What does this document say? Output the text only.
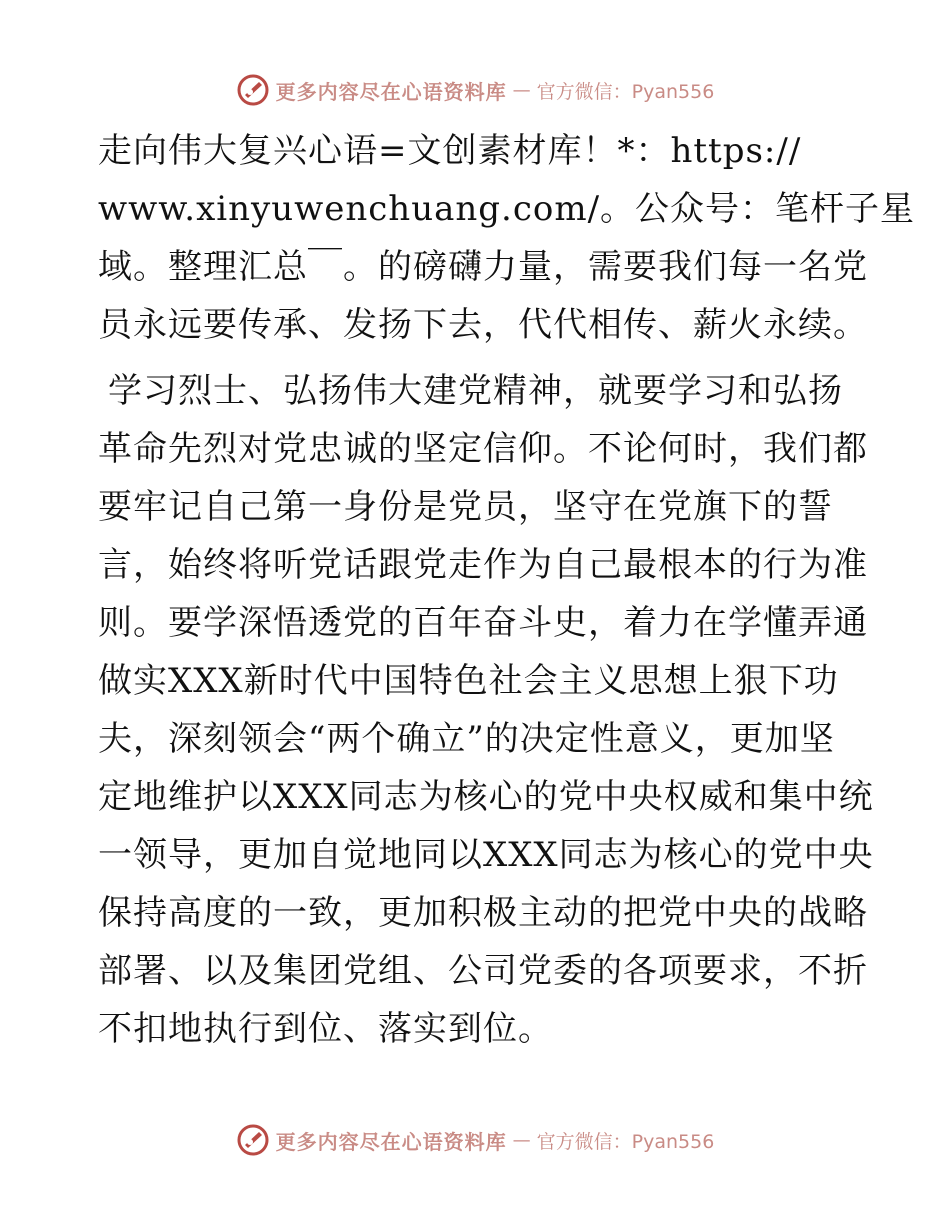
更多内容尽在心语资料库 — 官方微信：Pyan556
走向伟大复兴心语=文创素材库！*：https://
www.xinyuwenchuang.com/。公众号：笔杆子星
域。整理汇总￣。的磅礴力量，需要我们每一名党
员永远要传承、发扬下去，代代相传、薪火永续。
学习烈士、弘扬伟大建党精神，就要学习和弘扬
革命先烈对党忠诚的坚定信仰。不论何时，我们都
要牢记自己第一身份是党员，坚守在党旗下的誓
言，始终将听党话跟党走作为自己最根本的行为准
则。要学深悟透党的百年奋斗史，着力在学懂弄通
做实XXX新时代中国特色社会主义思想上狠下功
夫，深刻领会“两个确立”的决定性意义，更加坚
定地维护以XXX同志为核心的党中央权威和集中统
一领导，更加自觉地同以XXX同志为核心的党中央
保持高度的一致，更加积极主动的把党中央的战略
部署、以及集团党组、公司党委的各项要求，不折
不扣地执行到位、落实到位。
更多内容尽在心语资料库 — 官方微信：Pyan556
